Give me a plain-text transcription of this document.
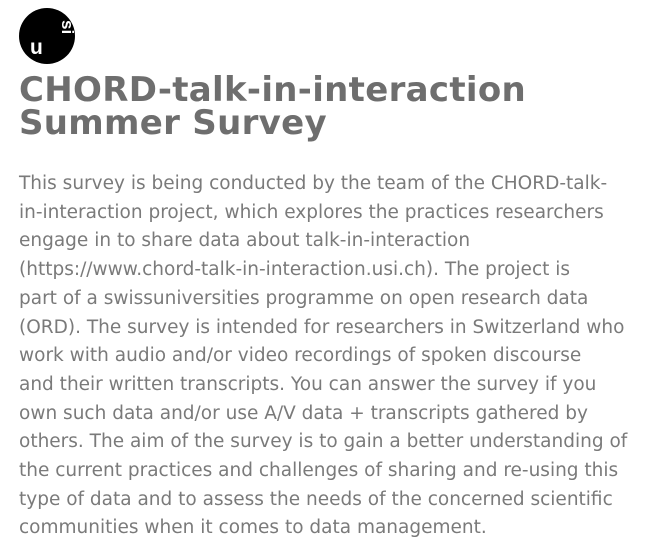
u
si
CHORD-talk-in-interaction
Summer Survey
This survey is being conducted by the team of the CHORD-talk-
in-interaction project, which explores the practices researchers
engage in to share data about talk-in-interaction
(https://www.chord-talk-in-interaction.usi.ch). The project is
part of a swissuniversities programme on open research data
(ORD). The survey is intended for researchers in Switzerland who
work with audio and/or video recordings of spoken discourse
and their written transcripts. You can answer the survey if you
own such data and/or use A/V data + transcripts gathered by
others. The aim of the survey is to gain a better understanding of
the current practices and challenges of sharing and re-using this
type of data and to assess the needs of the concerned scientific
communities when it comes to data management.
